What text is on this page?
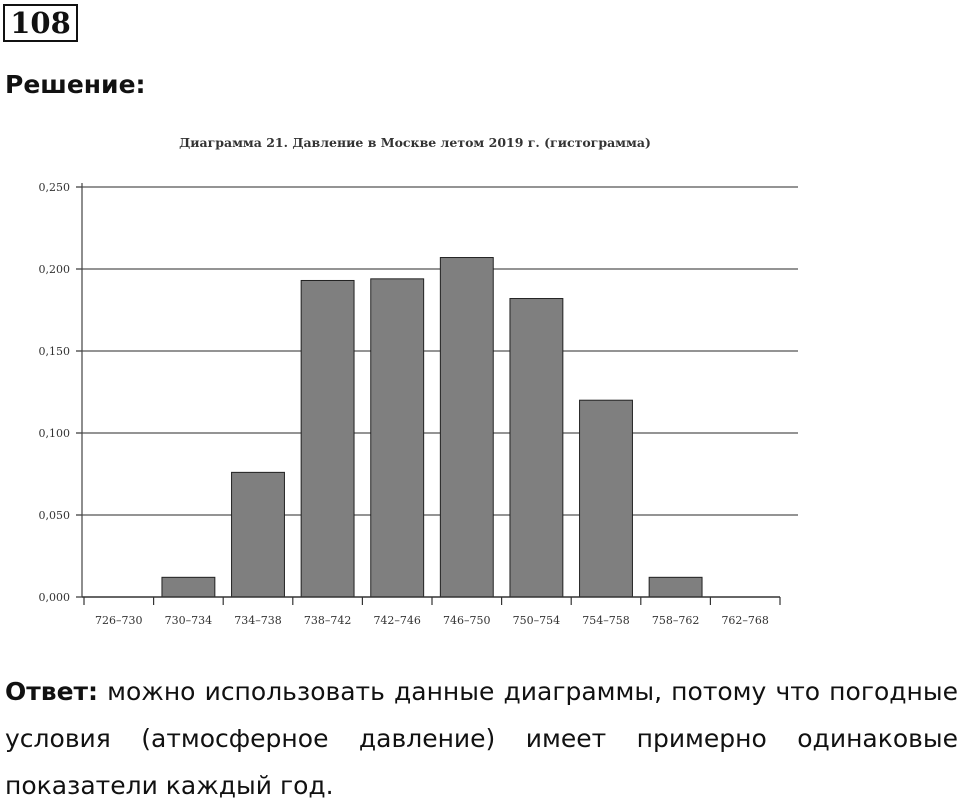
108
Решение:
Диаграмма 21. Давление в Москве летом 2019 г. (гистограмма)
0,000
0,050
0,100
0,150
0,200
0,250
726–730 730–734 734–738 738–742 742–746 746–750 750–754 754–758 758–762 762–768
Ответ: можно использовать данные диаграммы, потому что погодные условия (атмосферное давление) имеет примерно одинаковые показатели каждый год.
